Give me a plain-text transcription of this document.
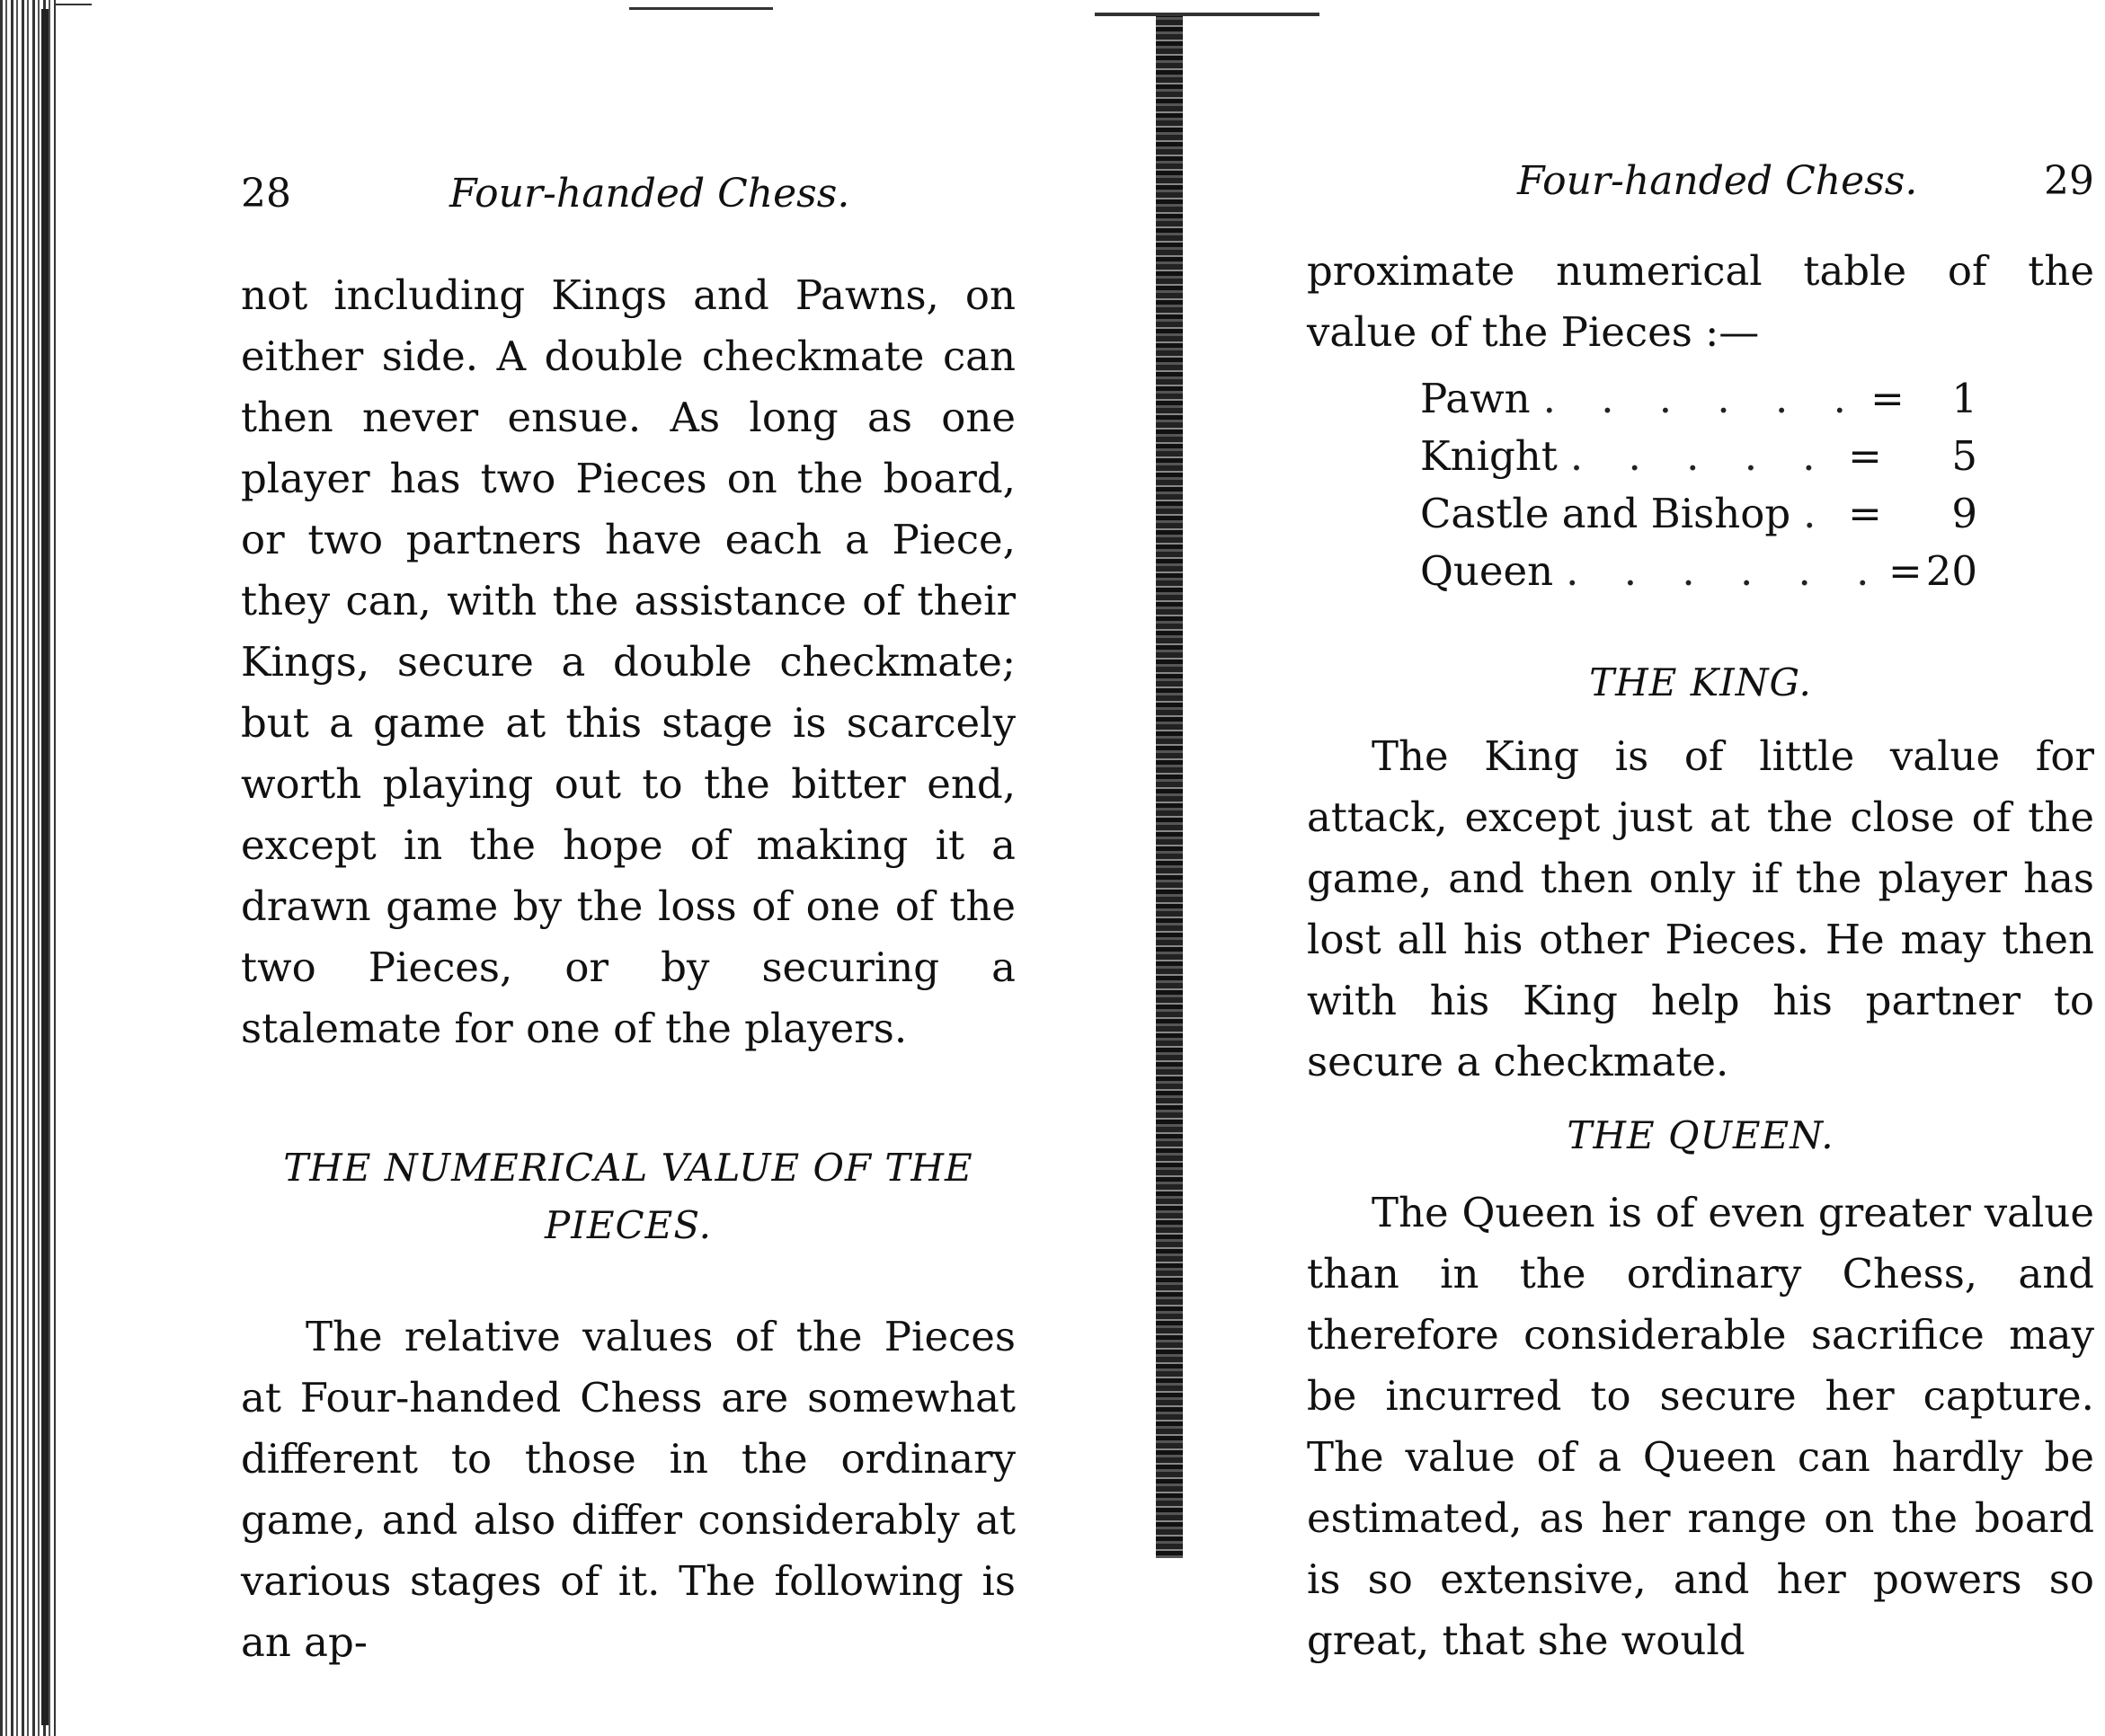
28	Four-handed Chess.

not including Kings and Pawns, on either side. A double checkmate can then never ensue. As long as one player has two Pieces on the board, or two partners have each a Piece, they can, with the assistance of their Kings, secure a double checkmate; but a game at this stage is scarcely worth playing out to the bitter end, except in the hope of making it a drawn game by the loss of one of the two Pieces, or by securing a stalemate for one of the players.

THE NUMERICAL VALUE OF THE

PIECES.

The relative values of the Pieces at Four-handed Chess are somewhat different to those in the ordinary game, and also differ considerably at various stages of it. The following is an ap-

Four-handed Chess.	29

proximate numerical table of the value of the Pieces :—

Pawn . . . . . . =	1
Knight . . . . . =	5
Castle and Bishop . =	9
Queen . . . . . . = 20

THE KING.

The King is of little value for attack, except just at the close of the game, and then only if the player has lost all his other Pieces. He may then with his King help his partner to secure a checkmate.

THE QUEEN.

The Queen is of even greater value than in the ordinary Chess, and therefore considerable sacrifice may be incurred to secure her capture. The value of a Queen can hardly be estimated, as her range on the board is so extensive, and her powers so great, that she would
